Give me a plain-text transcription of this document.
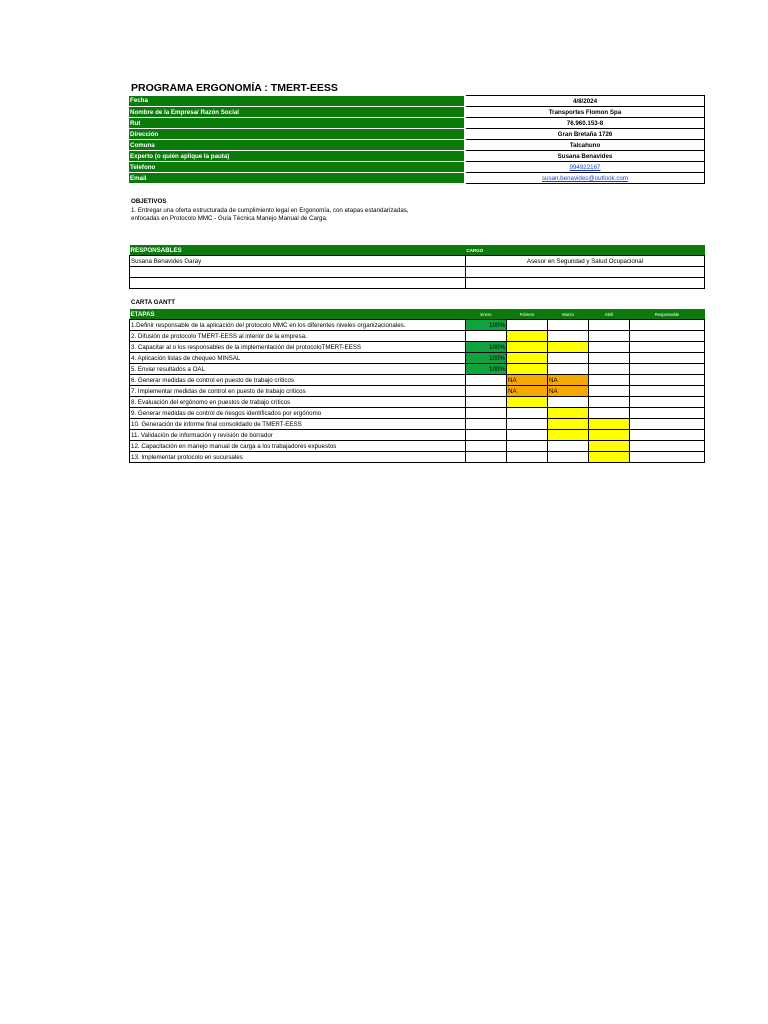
PROGRAMA ERGONOMÍA : TMERT-EESS
Fecha		4/8/2024
Nombre de la Empresa/ Razón Social		Transportes Flomon Spa
Rut		76.960.153-8
Dirección		Gran Bretaña 1726
Comuna		Talcahuno
Experto (o quién aplique la pauta)		Susana Benavides
Telefono		994922167
Email		susan.benavides@outlook.com
OBJETIVOS
1. Entregar una oferta estructurada de cumplimiento legal en Ergonomía, con etapas estandarizadas,
enfocadas en Protocolo MMC - Guía Técnica Manejo Manual de Carga.
RESPONSABLES	CARGO
Susana Benavides Garay	Asesor en Seguridad y Salud Ocupacional

CARTA GANTT
ETAPAS	Enero	Febrero	Marzo	Abril	Responsable
1.Definir responsable de la aplicación del protocolo MMC en los diferentes niveles organizacionales.	100%				
2. Difusión de protocolo TMERT-EESS al interior de la empresa.					
3. Capacitar al o los responsables de la implementación del protocoloTMERT-EESS	100%				
4. Aplicación listas de chequeo MINSAL	100%				
5. Enviar resultados a OAL	100%				
6. Generar medidas de control en puesto de trabajo críticos		NA	NA		
7. Implementar medidas de control en puesto de trabajo críticos		NA	NA		
8. Evaluación del ergónomo en puestos de trabajo críticos					
9. Generar medidas de control de riesgos identificados por ergónomo					
10. Generación de informe final consolidado de TMERT-EESS					
11. Validación de información y revisión de borrador					
12. Capacitación en manejo manual de carga a los trabajadores expuestos					
13. Implementar protocolo en sucursales					
